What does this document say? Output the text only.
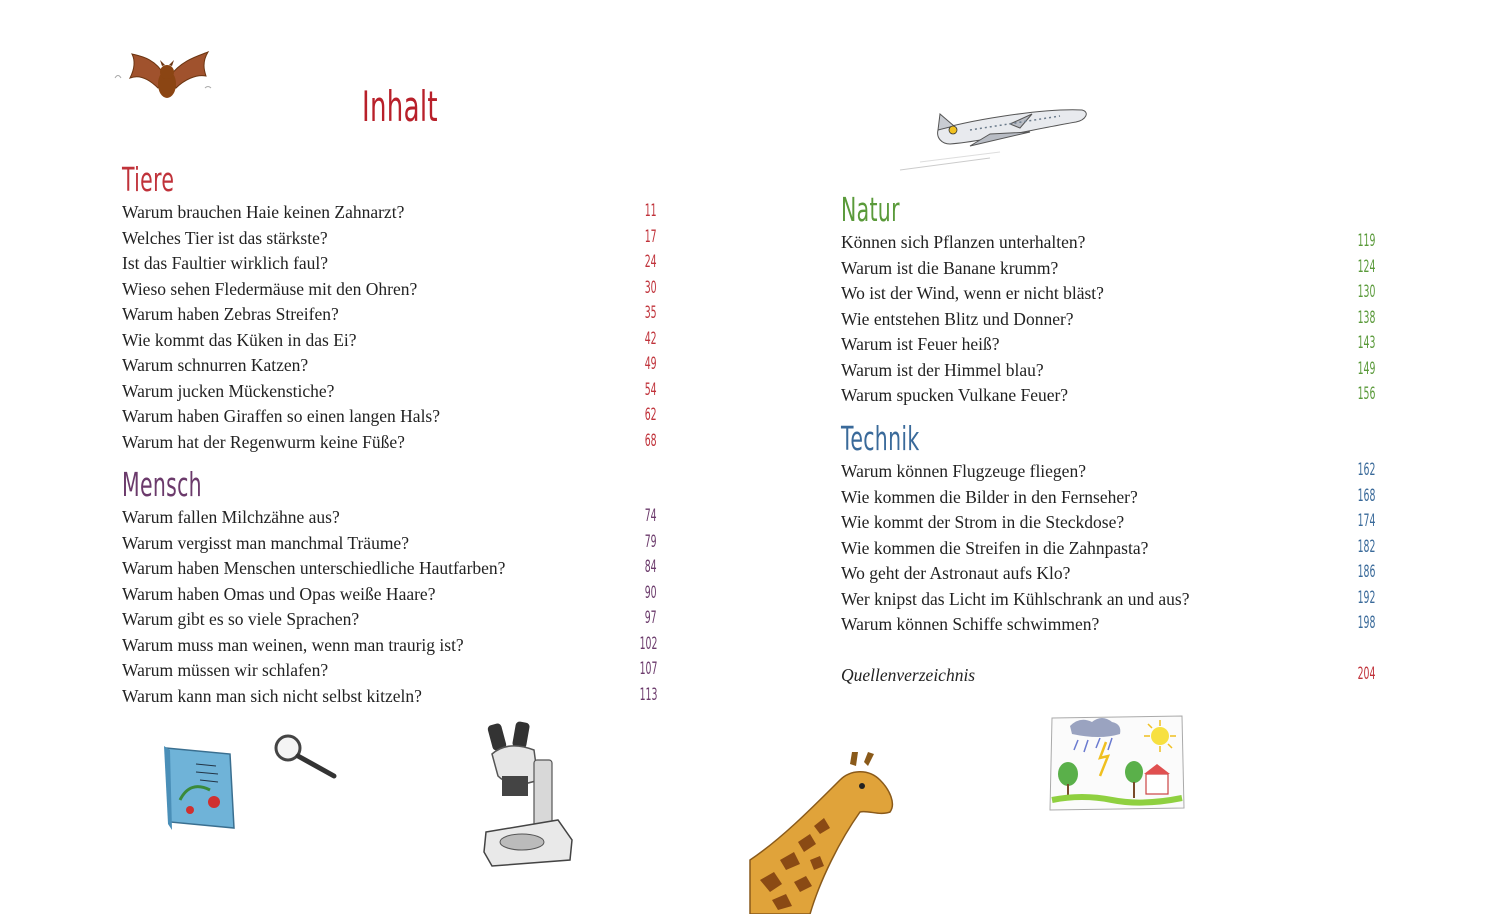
Inhalt
Tiere
Warum brauchen Haie keinen Zahnarzt?	11
Welches Tier ist das stärkste?	17
Ist das Faultier wirklich faul?	24
Wieso sehen Fledermäuse mit den Ohren?	30
Warum haben Zebras Streifen?	35
Wie kommt das Küken in das Ei?	42
Warum schnurren Katzen?	49
Warum jucken Mückenstiche?	54
Warum haben Giraffen so einen langen Hals?	62
Warum hat der Regenwurm keine Füße?	68
Mensch
Warum fallen Milchzähne aus?	74
Warum vergisst man manchmal Träume?	79
Warum haben Menschen unterschiedliche Hautfarben?	84
Warum haben Omas und Opas weiße Haare?	90
Warum gibt es so viele Sprachen?	97
Warum muss man weinen, wenn man traurig ist?	102
Warum müssen wir schlafen?	107
Warum kann man sich nicht selbst kitzeln?	113
Natur
Können sich Pflanzen unterhalten?	119
Warum ist die Banane krumm?	124
Wo ist der Wind, wenn er nicht bläst?	130
Wie entstehen Blitz und Donner?	138
Warum ist Feuer heiß?	143
Warum ist der Himmel blau?	149
Warum spucken Vulkane Feuer?	156
Technik
Warum können Flugzeuge fliegen?	162
Wie kommen die Bilder in den Fernseher?	168
Wie kommt der Strom in die Steckdose?	174
Wie kommen die Streifen in die Zahnpasta?	182
Wo geht der Astronaut aufs Klo?	186
Wer knipst das Licht im Kühlschrank an und aus?	192
Warum können Schiffe schwimmen?	198
Quellenverzeichnis	204
